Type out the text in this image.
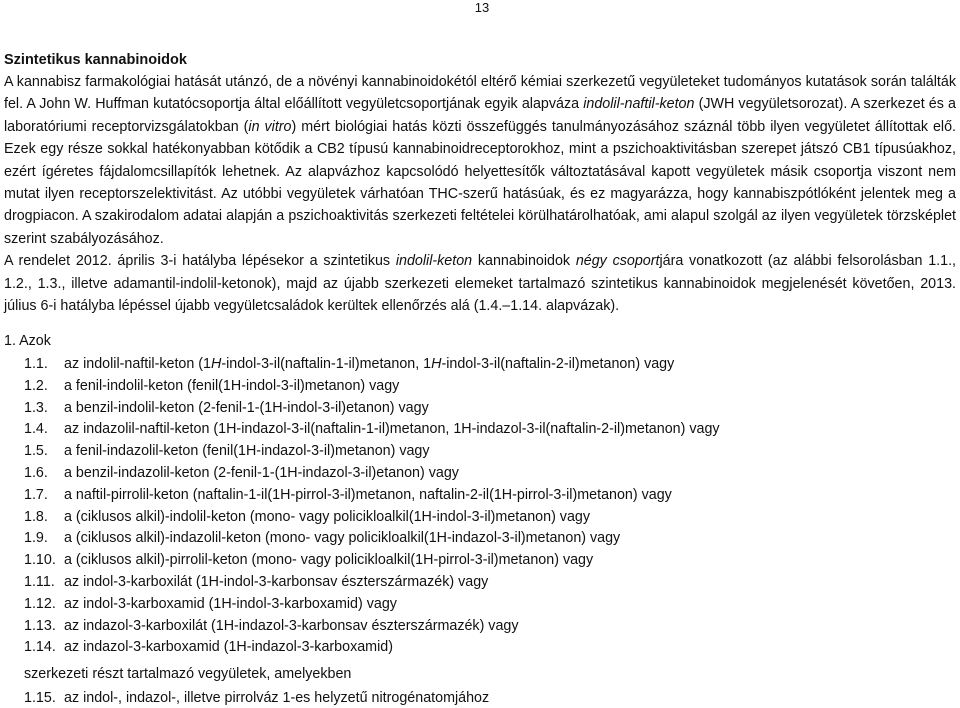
13
Szintetikus kannabinoidok
A kannabisz farmakológiai hatását utánzó, de a növényi kannabinoidokétól eltérő kémiai szerkezetű vegyületeket tudományos kutatások során találták fel. A John W. Huffman kutatócsoportja által előállított vegyületcsoportjának egyik alapváza indolil-naftil-keton (JWH vegyületsorozat). A szerkezet és a laboratóriumi receptorvizsgálatokban (in vitro) mért biológiai hatás közti összefüggés tanulmányozásához száznál több ilyen vegyületet állítottak elő. Ezek egy része sokkal hatékonyabban kötődik a CB2 típusú kannabinoidreceptorokhoz, mint a pszichoaktivitásban szerepet játszó CB1 típusúakhoz, ezért ígéretes fájdalomcsillapítók lehetnek. Az alapvázhoz kapcsolódó helyettesítők változtatásával kapott vegyületek másik csoportja viszont nem mutat ilyen receptorszelektivitást. Az utóbbi vegyületek várhatóan THC-szerű hatásúak, és ez magyarázza, hogy kannabiszpótlóként jelentek meg a drogpiacon. A szakirodalom adatai alapján a pszichoaktivitás szerkezeti feltételei körülhatárolhatóak, ami alapul szolgál az ilyen vegyületek törzsképlet szerint szabályozásához.
A rendelet 2012. április 3-i hatályba lépésekor a szintetikus indolil-keton kannabinoidok négy csoportjára vonatkozott (az alábbi felsorolásban 1.1., 1.2., 1.3., illetve adamantil-indolil-ketonok), majd az újabb szerkezeti elemeket tartalmazó szintetikus kannabinoidok megjelenését követően, 2013. július 6-i hatályba lépéssel újabb vegyületcsaládok kerültek ellenőrzés alá (1.4.–1.14. alapvázak).
1. Azok
1.1.	az indolil-naftil-keton (1H-indol-3-il(naftalin-1-il)metanon, 1H-indol-3-il(naftalin-2-il)metanon) vagy
1.2.	a fenil-indolil-keton (fenil(1H-indol-3-il)metanon) vagy
1.3.	a benzil-indolil-keton (2-fenil-1-(1H-indol-3-il)etanon) vagy
1.4.	az indazolil-naftil-keton (1H-indazol-3-il(naftalin-1-il)metanon, 1H-indazol-3-il(naftalin-2-il)metanon) vagy
1.5.	a fenil-indazolil-keton (fenil(1H-indazol-3-il)metanon) vagy
1.6.	a benzil-indazolil-keton (2-fenil-1-(1H-indazol-3-il)etanon) vagy
1.7.	a naftil-pirrolil-keton (naftalin-1-il(1H-pirrol-3-il)metanon, naftalin-2-il(1H-pirrol-3-il)metanon) vagy
1.8.	a (ciklusos alkil)-indolil-keton (mono- vagy policikloalkil(1H-indol-3-il)metanon) vagy
1.9.	a (ciklusos alkil)-indazolil-keton (mono- vagy policikloalkil(1H-indazol-3-il)metanon) vagy
1.10. a (ciklusos alkil)-pirrolil-keton (mono- vagy policikloalkil(1H-pirrol-3-il)metanon) vagy
1.11. az indol-3-karboxilát (1H-indol-3-karbonsav észterszármazék) vagy
1.12. az indol-3-karboxamid (1H-indol-3-karboxamid) vagy
1.13. az indazol-3-karboxilát (1H-indazol-3-karbonsav észterszármazék) vagy
1.14. az indazol-3-karboxamid (1H-indazol-3-karboxamid)
szerkezeti részt tartalmazó vegyületek, amelyekben
1.15. az indol-, indazol-, illetve pirrolváz 1-es helyzetű nitrogénatomjához
